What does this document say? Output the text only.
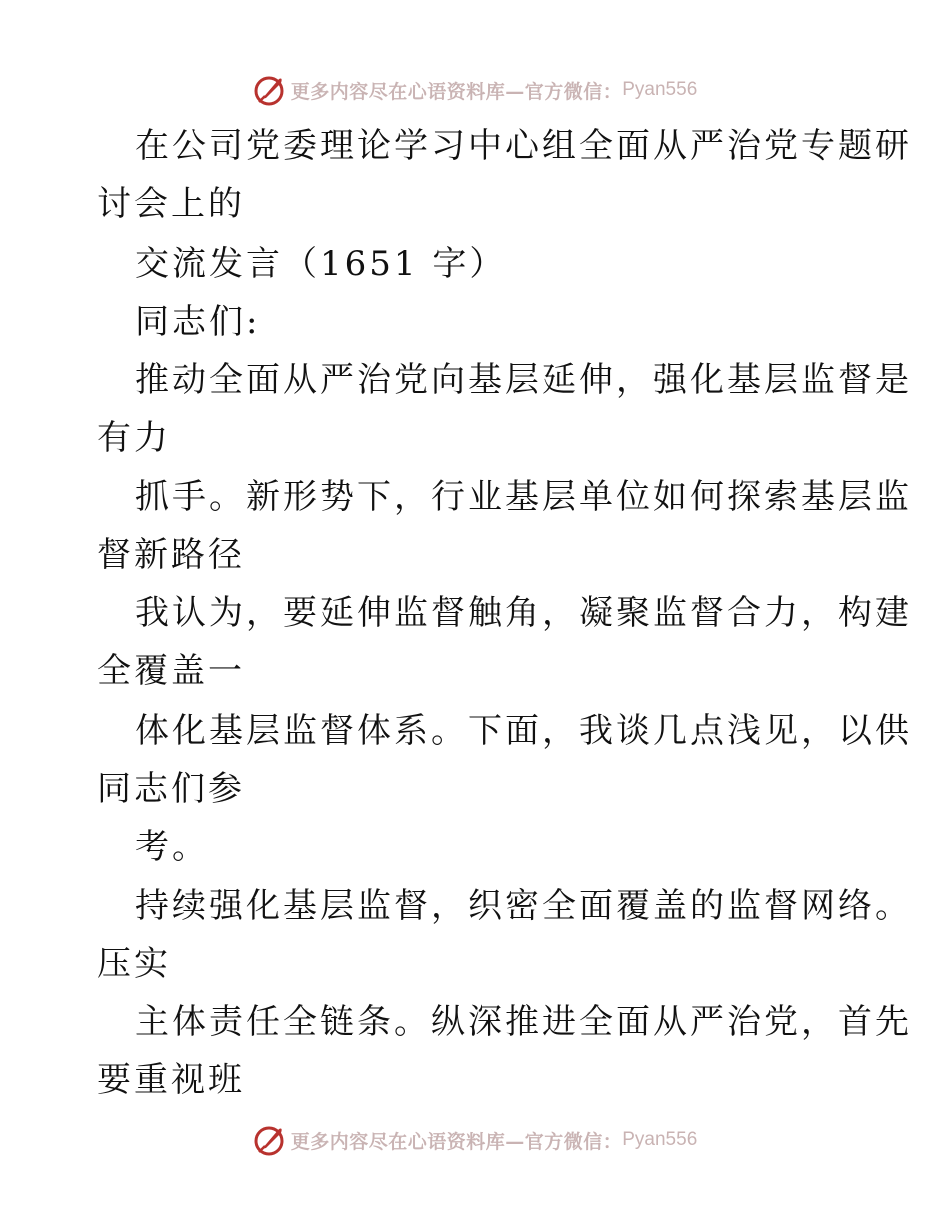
更多内容尽在心语资料库—官方微信： Pyan556
在公司党委理论学习中心组全面从严治党专题研
讨会上的
交流发言（1651 字）
同志们:
推动全面从严治党向基层延伸，强化基层监督是
有力
抓手。新形势下，行业基层单位如何探索基层监
督新路径
我认为，要延伸监督触角，凝聚监督合力，构建
全覆盖一
体化基层监督体系。下面，我谈几点浅见，以供
同志们参
考。
持续强化基层监督，织密全面覆盖的监督网络。
压实
主体责任全链条。纵深推进全面从严治党，首先
要重视班
更多内容尽在心语资料库—官方微信： Pyan556
